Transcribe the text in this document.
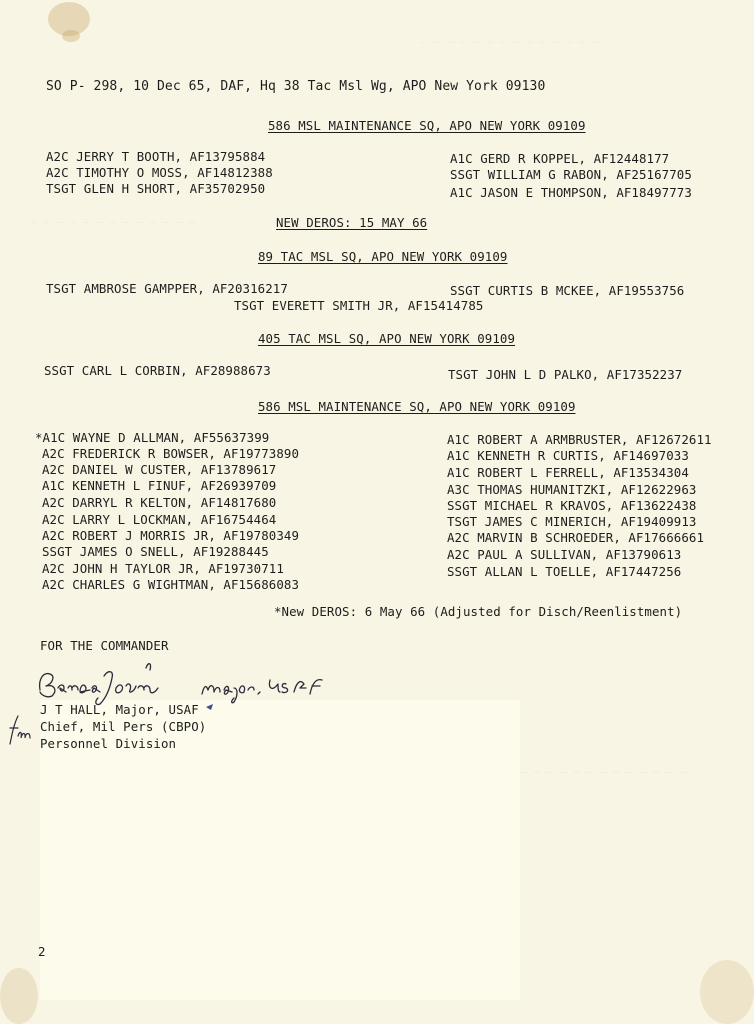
_ _ _ _ _ _ _ _ _ _ _ _ _ _
_ _ _ _ _ _ _ _ _ _ _ _ _
_ _ _ _ _ _ _ _ _ _ _ _ _
SO P- 298, 10 Dec 65, DAF, Hq 38 Tac Msl Wg, APO New York 09130
586 MSL MAINTENANCE SQ, APO NEW YORK 09109
A2C JERRY T BOOTH, AF13795884
A2C TIMOTHY O MOSS, AF14812388
TSGT GLEN H SHORT, AF35702950
A1C GERD R KOPPEL, AF12448177
SSGT WILLIAM G RABON, AF25167705
A1C JASON E THOMPSON, AF18497773
NEW DEROS: 15 MAY 66
89 TAC MSL SQ, APO NEW YORK 09109
TSGT AMBROSE GAMPPER, AF20316217	SSGT CURTIS B MCKEE, AF19553756
TSGT EVERETT SMITH JR, AF15414785
405 TAC MSL SQ, APO NEW YORK 09109
SSGT CARL L CORBIN, AF28988673	TSGT JOHN L D PALKO, AF17352237
586 MSL MAINTENANCE SQ, APO NEW YORK 09109
*A1C WAYNE D ALLMAN, AF55637399
A2C FREDERICK R BOWSER, AF19773890
A2C DANIEL W CUSTER, AF13789617
A1C KENNETH L FINUF, AF26939709
A2C DARRYL R KELTON, AF14817680
A2C LARRY L LOCKMAN, AF16754464
A2C ROBERT J MORRIS JR, AF19780349
SSGT JAMES O SNELL, AF19288445
A2C JOHN H TAYLOR JR, AF19730711
A2C CHARLES G WIGHTMAN, AF15686083
A1C ROBERT A ARMBRUSTER, AF12672611
A1C KENNETH R CURTIS, AF14697033
A1C ROBERT L FERRELL, AF13534304
A3C THOMAS HUMANITZKI, AF12622963
SSGT MICHAEL R KRAVOS, AF13622438
TSGT JAMES C MINERICH, AF19409913
A2C MARVIN B SCHROEDER, AF17666661
A2C PAUL A SULLIVAN, AF13790613
SSGT ALLAN L TOELLE, AF17447256
*New DEROS: 6 May 66 (Adjusted for Disch/Reenlistment)
FOR THE COMMANDER
J T HALL, Major, USAF
Chief, Mil Pers (CBPO)
Personnel Division
2
